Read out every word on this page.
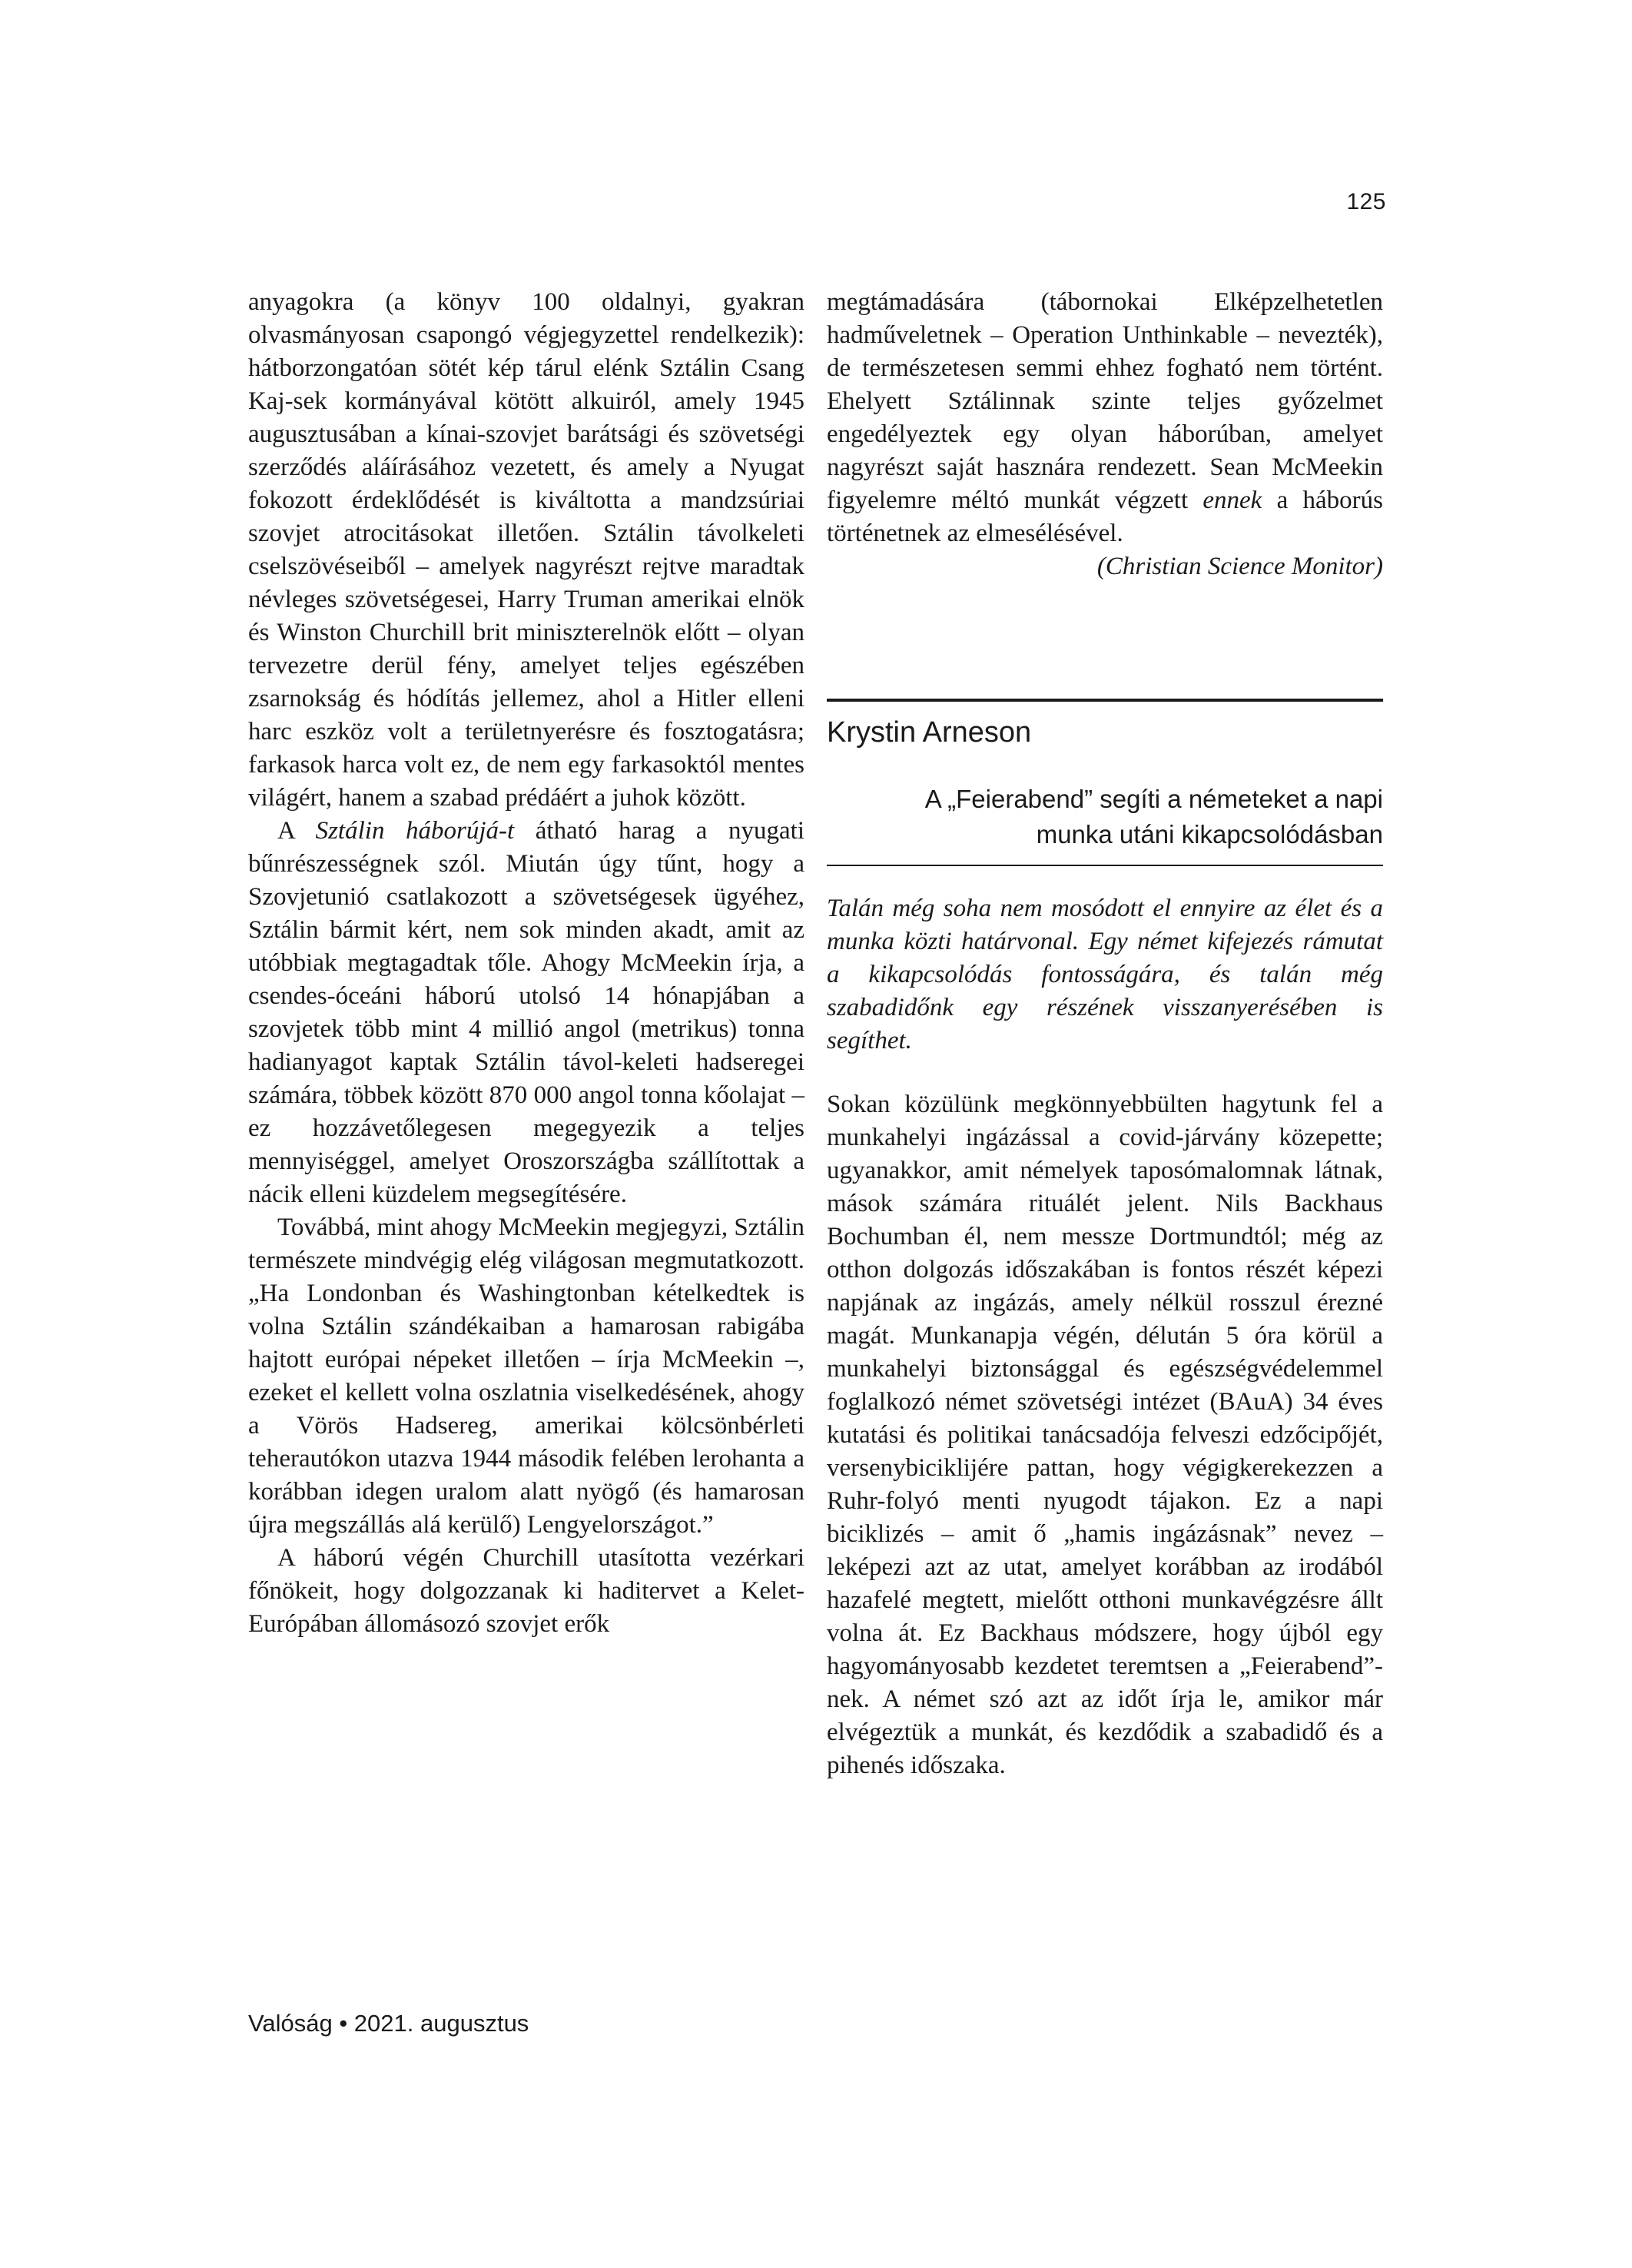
125

anyagokra (a könyv 100 oldalnyi, gyakran olvasmányosan csapongó végjegyzettel rendelkezik): hátborzongatóan sötét kép tárul elénk Sztálin Csang Kaj-sek kormányával kötött alkuiról, amely 1945 augusztusában a kínai-szovjet barátsági és szövetségi szerződés aláírásához vezetett, és amely a Nyugat fokozott érdeklődését is kiváltotta a mandzsúriai szovjet atrocitásokat illetően. Sztálin távolkeleti cselszövéseiből – amelyek nagyrészt rejtve maradtak névleges szövetségesei, Harry Truman amerikai elnök és Winston Churchill brit miniszterelnök előtt – olyan tervezetre derül fény, amelyet teljes egészében zsarnokság és hódítás jellemez, ahol a Hitler elleni harc eszköz volt a területnyerésre és fosztogatásra; farkasok harca volt ez, de nem egy farkasoktól mentes világért, hanem a szabad prédáért a juhok között.

A Sztálin háborújá-t átható harag a nyugati bűnrészességnek szól. Miután úgy tűnt, hogy a Szovjetunió csatlakozott a szövetségesek ügyéhez, Sztálin bármit kért, nem sok minden akadt, amit az utóbbiak megtagadtak tőle. Ahogy McMeekin írja, a csendes-óceáni háború utolsó 14 hónapjában a szovjetek több mint 4 millió angol (metrikus) tonna hadianyagot kaptak Sztálin távol-keleti hadseregei számára, többek között 870 000 angol tonna kőolajat – ez hozzávetőlegesen megegyezik a teljes mennyiséggel, amelyet Oroszországba szállítottak a nácik elleni küzdelem megsegítésére.

Továbbá, mint ahogy McMeekin megjegyzi, Sztálin természete mindvégig elég világosan megmutatkozott. „Ha Londonban és Washingtonban kételkedtek is volna Sztálin szándékaiban a hamarosan rabigába hajtott európai népeket illetően – írja McMeekin –, ezeket el kellett volna oszlatnia viselkedésének, ahogy a Vörös Hadsereg, amerikai kölcsönbérleti teherautókon utazva 1944 második felében lerohanta a korábban idegen uralom alatt nyögő (és hamarosan újra megszállás alá kerülő) Lengyelországot.”

A háború végén Churchill utasította vezérkari főnökeit, hogy dolgozzanak ki haditervet a Kelet-Európában állomásozó szovjet erők

megtámadására (tábornokai Elképzelhetetlen hadműveletnek – Operation Unthinkable – nevezték), de természetesen semmi ehhez fogható nem történt. Ehelyett Sztálinnak szinte teljes győzelmet engedélyeztek egy olyan háborúban, amelyet nagyrészt saját hasznára rendezett. Sean McMeekin figyelemre méltó munkát végzett ennek a háborús történetnek az elmesélésével.

(Christian Science Monitor)

Krystin Arneson
A „Feierabend” segíti a németeket a napi
munka utáni kikapcsolódásban

Talán még soha nem mosódott el ennyire az élet és a munka közti határvonal. Egy német kifejezés rámutat a kikapcsolódás fontosságára, és talán még szabadidőnk egy részének visszanyerésében is segíthet.

Sokan közülünk megkönnyebbülten hagytunk fel a munkahelyi ingázással a covid-járvány közepette; ugyanakkor, amit némelyek taposómalomnak látnak, mások számára rituálét jelent. Nils Backhaus Bochumban él, nem messze Dortmundtól; még az otthon dolgozás időszakában is fontos részét képezi napjának az ingázás, amely nélkül rosszul érezné magát. Munkanapja végén, délután 5 óra körül a munkahelyi biztonsággal és egészségvédelemmel foglalkozó német szövetségi intézet (BAuA) 34 éves kutatási és politikai tanácsadója felveszi edzőcipőjét, versenybiciklijére pattan, hogy végigkerekezzen a Ruhr-folyó menti nyugodt tájakon. Ez a napi biciklizés – amit ő „hamis ingázásnak” nevez – leképezi azt az utat, amelyet korábban az irodából hazafelé megtett, mielőtt otthoni munkavégzésre állt volna át. Ez Backhaus módszere, hogy újból egy hagyományosabb kezdetet teremtsen a „Feierabend”-nek. A német szó azt az időt írja le, amikor már elvégeztük a munkát, és kezdődik a szabadidő és a pihenés időszaka.

Valóság • 2021. augusztus
